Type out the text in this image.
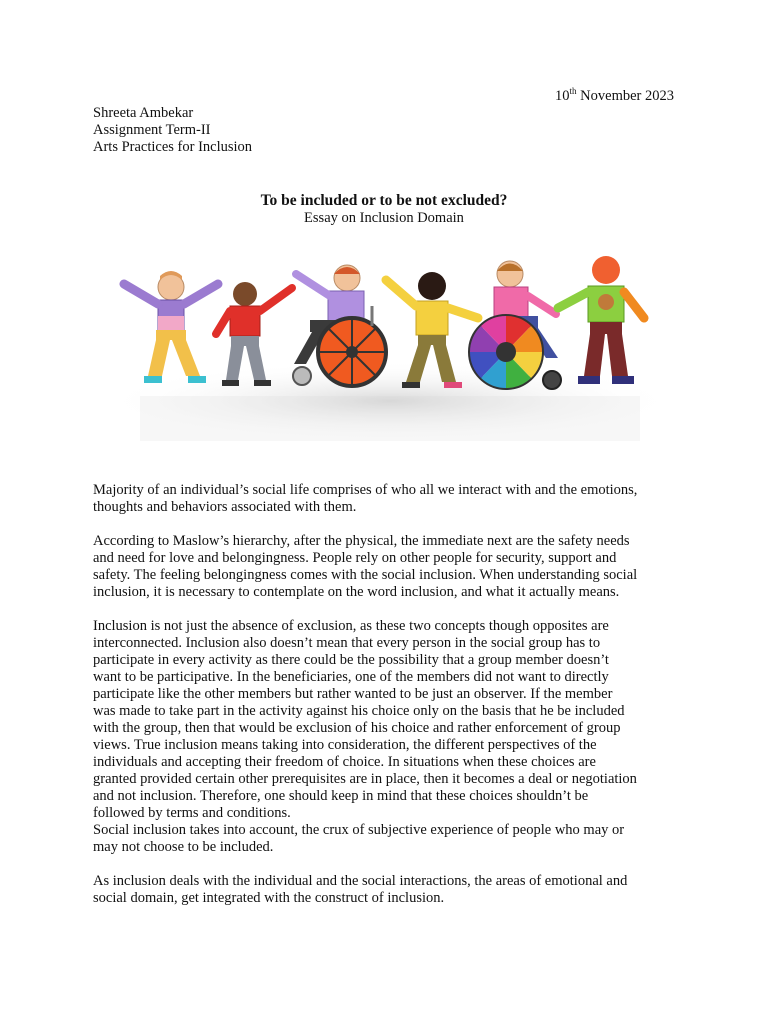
10th November 2023
Shreeta Ambekar
Assignment Term-II
Arts Practices for Inclusion
To be included or to be not excluded?
Essay on Inclusion Domain

Majority of an individual’s social life comprises of who all we interact with and the emotions,
thoughts and behaviors associated with them.

According to Maslow’s hierarchy, after the physical, the immediate next are the safety needs
and need for love and belongingness. People rely on other people for security, support and
safety. The feeling belongingness comes with the social inclusion. When understanding social
inclusion, it is necessary to contemplate on the word inclusion, and what it actually means.

Inclusion is not just the absence of exclusion, as these two concepts though opposites are
interconnected. Inclusion also doesn’t mean that every person in the social group has to
participate in every activity as there could be the possibility that a group member doesn’t
want to be participative. In the beneficiaries, one of the members did not want to directly
participate like the other members but rather wanted to be just an observer. If the member
was made to take part in the activity against his choice only on the basis that he be included
with the group, then that would be exclusion of his choice and rather enforcement of group
views. True inclusion means taking into consideration, the different perspectives of the
individuals and accepting their freedom of choice. In situations when these choices are
granted provided certain other prerequisites are in place, then it becomes a deal or negotiation
and not inclusion. Therefore, one should keep in mind that these choices shouldn’t be
followed by terms and conditions.

Social inclusion takes into account, the crux of subjective experience of people who may or
may not choose to be included.

As inclusion deals with the individual and the social interactions, the areas of emotional and
social domain, get integrated with the construct of inclusion.
